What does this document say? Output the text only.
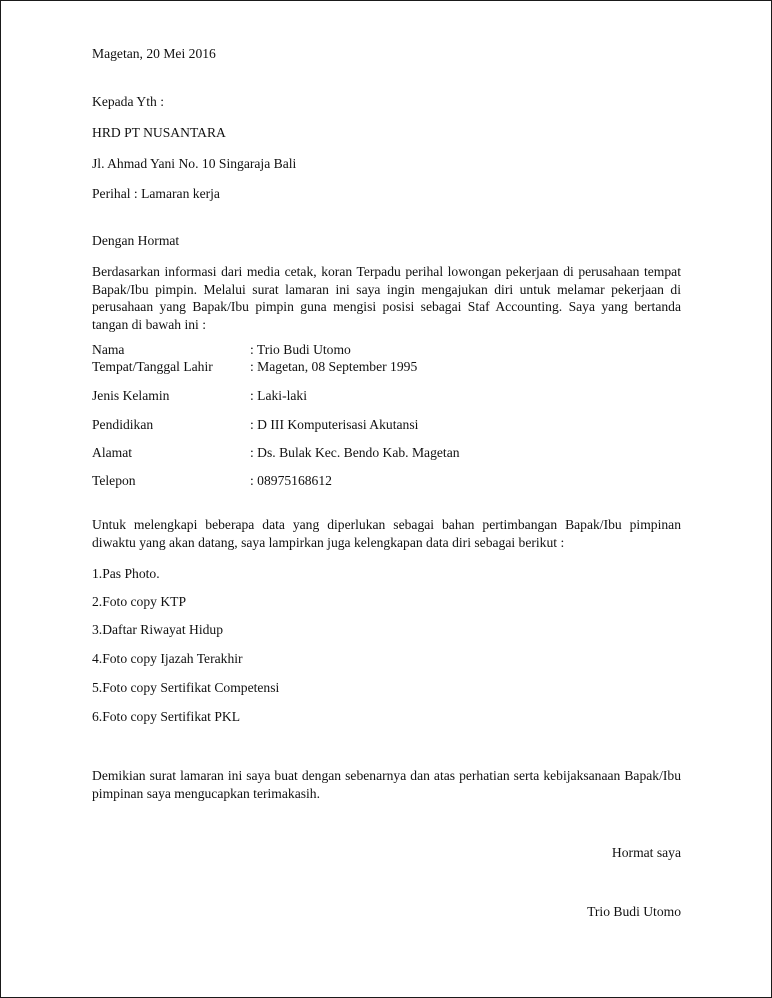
Magetan, 20 Mei 2016
Kepada Yth :
HRD PT NUSANTARA
Jl. Ahmad Yani No. 10 Singaraja Bali
Perihal : Lamaran kerja
Dengan Hormat
Berdasarkan informasi dari media cetak, koran Terpadu perihal lowongan pekerjaan di perusahaan tempat Bapak/Ibu pimpin. Melalui surat lamaran ini saya ingin mengajukan diri untuk melamar pekerjaan di perusahaan yang Bapak/Ibu pimpin guna mengisi posisi sebagai Staf Accounting. Saya yang bertanda tangan di bawah ini :
Nama	: Trio Budi Utomo
Tempat/Tanggal Lahir	: Magetan, 08 September 1995
Jenis Kelamin	: Laki-laki
Pendidikan	: D III Komputerisasi Akutansi
Alamat	: Ds. Bulak Kec. Bendo Kab. Magetan
Telepon	: 08975168612
Untuk melengkapi beberapa data yang diperlukan sebagai bahan pertimbangan Bapak/Ibu pimpinan diwaktu yang akan datang, saya lampirkan juga kelengkapan data diri sebagai berikut :
1.Pas Photo.
2.Foto copy KTP
3.Daftar Riwayat Hidup
4.Foto copy Ijazah Terakhir
5.Foto copy Sertifikat Competensi
6.Foto copy Sertifikat PKL
Demikian surat lamaran ini saya buat dengan sebenarnya dan atas perhatian serta kebijaksanaan Bapak/Ibu pimpinan saya mengucapkan terimakasih.
Hormat saya
Trio Budi Utomo
